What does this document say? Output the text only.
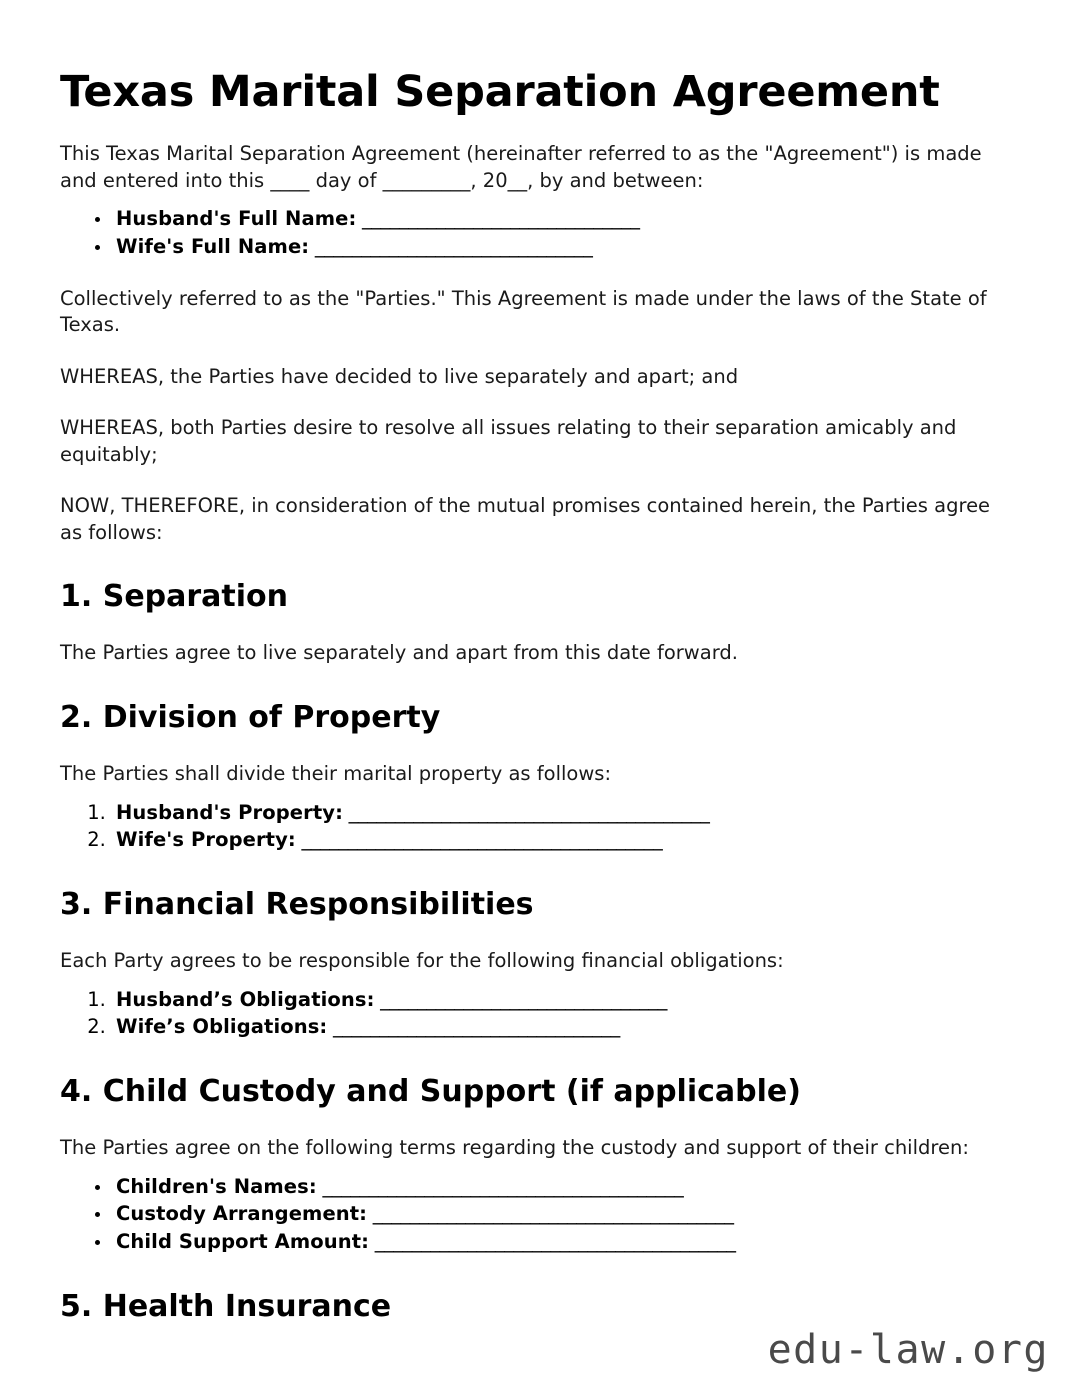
Texas Marital Separation Agreement

This Texas Marital Separation Agreement (hereinafter referred to as the "Agreement") is made and entered into this ____ day of _________, 20__, by and between:

• Husband's Full Name: ______________________________
• Wife's Full Name: ______________________________

Collectively referred to as the "Parties." This Agreement is made under the laws of the State of Texas.

WHEREAS, the Parties have decided to live separately and apart; and

WHEREAS, both Parties desire to resolve all issues relating to their separation amicably and equitably;

NOW, THEREFORE, in consideration of the mutual promises contained herein, the Parties agree as follows:

1. Separation

The Parties agree to live separately and apart from this date forward.

2. Division of Property

The Parties shall divide their marital property as follows:

1. Husband's Property: _______________________________________
2. Wife's Property: _______________________________________
3. Financial Responsibilities

Each Party agrees to be responsible for the following financial obligations:

1. Husband’s Obligations: _______________________________
2. Wife’s Obligations: _______________________________
4. Child Custody and Support (if applicable)

The Parties agree on the following terms regarding the custody and support of their children:

• Children's Names: _______________________________________
• Custody Arrangement: _______________________________________
• Child Support Amount: _______________________________________
5. Health Insurance
edu-law.org
